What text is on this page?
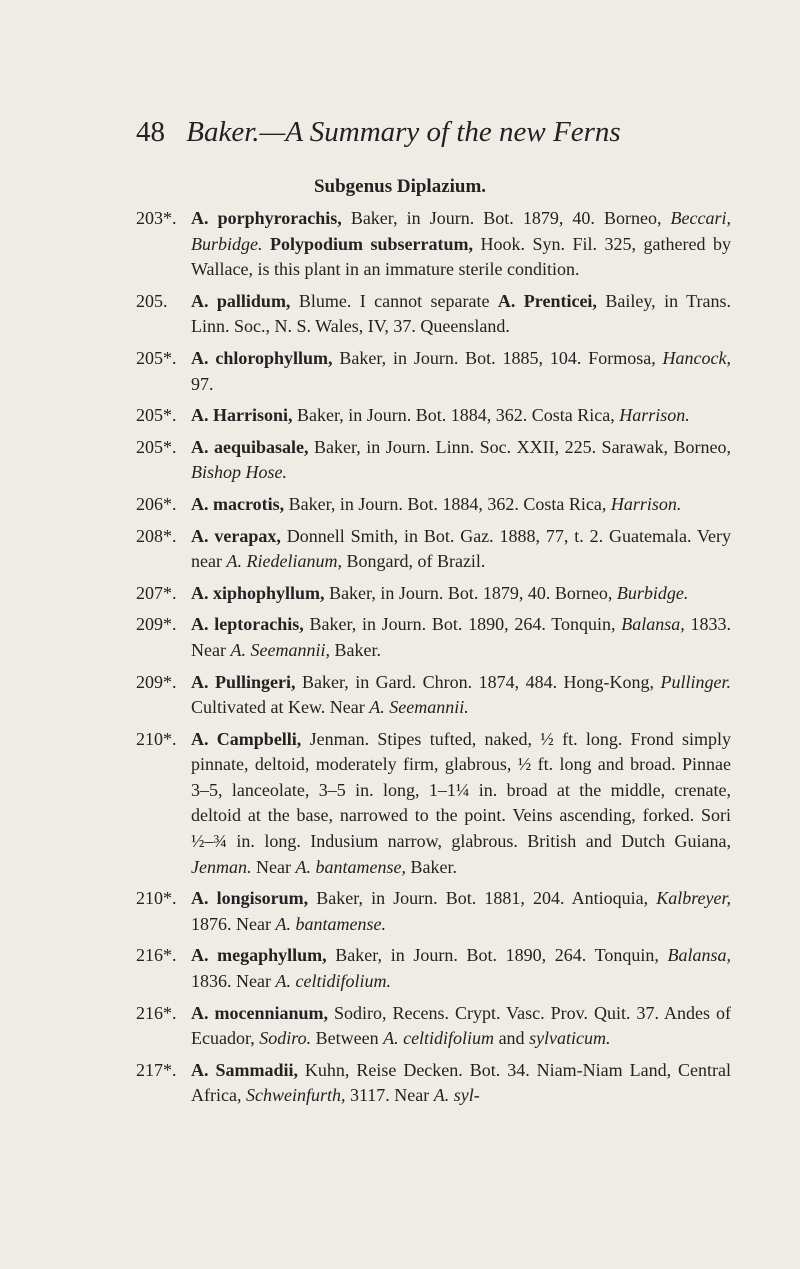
48 Baker.—A Summary of the new Ferns
Subgenus Diplazium.
203*. A. porphyrorachis, Baker, in Journ. Bot. 1879, 40. Borneo, Beccari, Burbidge. Polypodium subserratum, Hook. Syn. Fil. 325, gathered by Wallace, is this plant in an immature sterile condition.
205. A. pallidum, Blume. I cannot separate A. Prenticei, Bailey, in Trans. Linn. Soc., N. S. Wales, IV, 37. Queensland.
205*. A. chlorophyllum, Baker, in Journ. Bot. 1885, 104. Formosa, Hancock, 97.
205*. A. Harrisoni, Baker, in Journ. Bot. 1884, 362. Costa Rica, Harrison.
205*. A. aequibasale, Baker, in Journ. Linn. Soc. XXII, 225. Sarawak, Borneo, Bishop Hose.
206*. A. macrotis, Baker, in Journ. Bot. 1884, 362. Costa Rica, Harrison.
208*. A. verapax, Donnell Smith, in Bot. Gaz. 1888, 77, t. 2. Guatemala. Very near A. Riedelianum, Bongard, of Brazil.
207*. A. xiphophyllum, Baker, in Journ. Bot. 1879, 40. Borneo, Burbidge.
209*. A. leptorachis, Baker, in Journ. Bot. 1890, 264. Tonquin, Balansa, 1833. Near A. Seemannii, Baker.
209*. A. Pullingeri, Baker, in Gard. Chron. 1874, 484. Hong-Kong, Pullinger. Cultivated at Kew. Near A. Seemannii.
210*. A. Campbelli, Jenman. Stipes tufted, naked, ½ ft. long. Frond simply pinnate, deltoid, moderately firm, glabrous, ½ ft. long and broad. Pinnae 3–5, lanceolate, 3–5 in. long, 1–1¼ in. broad at the middle, crenate, deltoid at the base, narrowed to the point. Veins ascending, forked. Sori ½–¾ in. long. Indusium narrow, glabrous. British and Dutch Guiana, Jenman. Near A. bantamense, Baker.
210*. A. longisorum, Baker, in Journ. Bot. 1881, 204. Antioquia, Kalbreyer, 1876. Near A. bantamense.
216*. A. megaphyllum, Baker, in Journ. Bot. 1890, 264. Tonquin, Balansa, 1836. Near A. celtidifolium.
216*. A. mocennianum, Sodiro, Recens. Crypt. Vasc. Prov. Quit. 37. Andes of Ecuador, Sodiro. Between A. celtidifolium and sylvaticum.
217*. A. Sammadii, Kuhn, Reise Decken. Bot. 34. Niam-Niam Land, Central Africa, Schweinfurth, 3117. Near A. syl-
